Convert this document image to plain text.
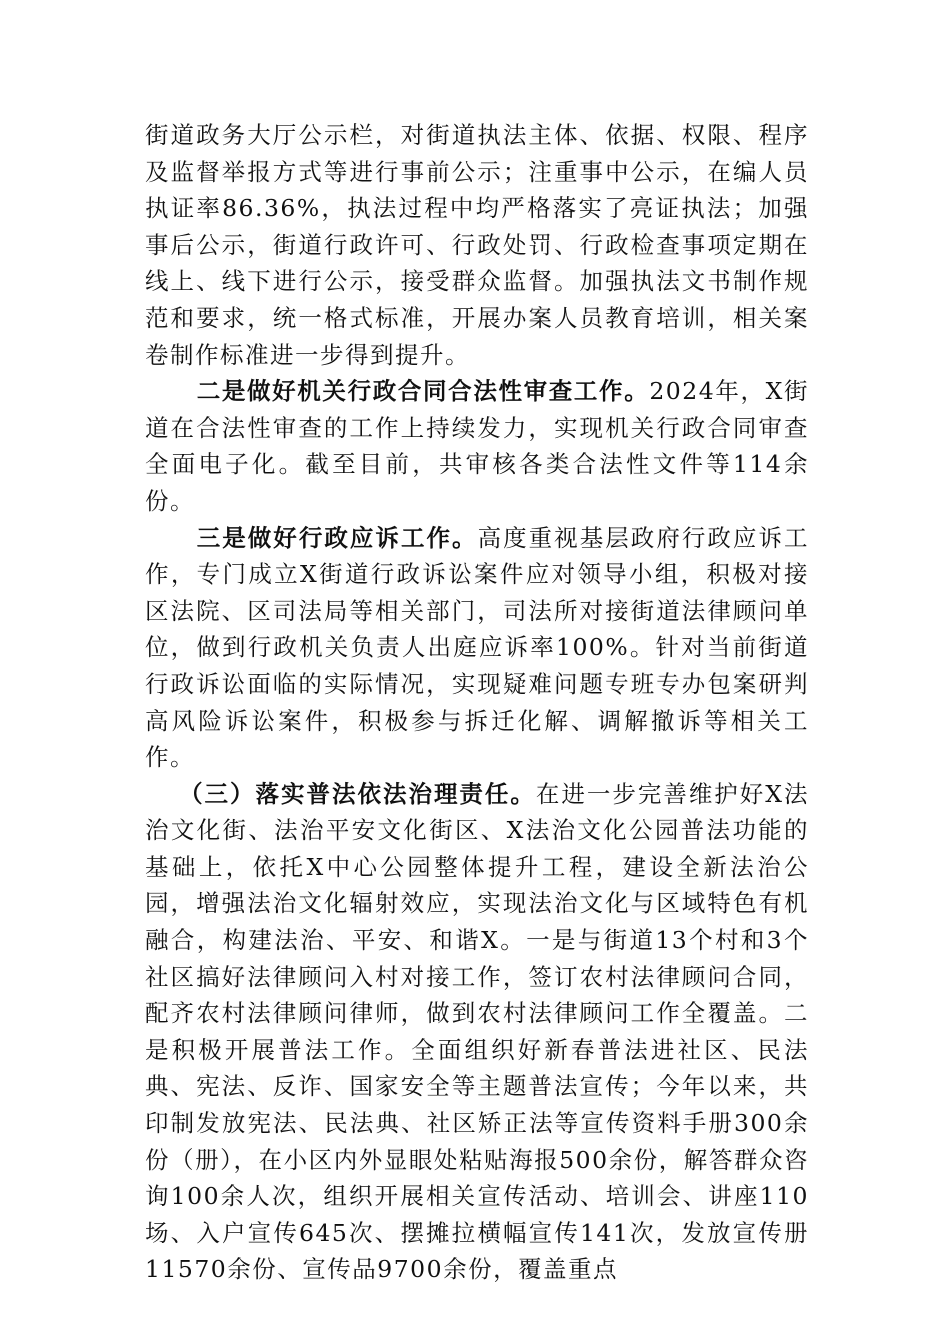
街道政务大厅公示栏，对街道执法主体、依据、权限、程序及监督举报方式等进行事前公示；注重事中公示，在编人员执证率86.36%，执法过程中均严格落实了亮证执法；加强事后公示，街道行政许可、行政处罚、行政检查事项定期在线上、线下进行公示，接受群众监督。加强执法文书制作规范和要求，统一格式标准，开展办案人员教育培训，相关案卷制作标准进一步得到提升。

二是做好机关行政合同合法性审查工作。2024年，X街道在合法性审查的工作上持续发力，实现机关行政合同审查全面电子化。截至目前，共审核各类合法性文件等114余份。

三是做好行政应诉工作。高度重视基层政府行政应诉工作，专门成立X街道行政诉讼案件应对领导小组，积极对接区法院、区司法局等相关部门，司法所对接街道法律顾问单位，做到行政机关负责人出庭应诉率100%。针对当前街道行政诉讼面临的实际情况，实现疑难问题专班专办包案研判高风险诉讼案件，积极参与拆迁化解、调解撤诉等相关工作。

（三）落实普法依法治理责任。在进一步完善维护好X法治文化街、法治平安文化街区、X法治文化公园普法功能的基础上，依托X中心公园整体提升工程，建设全新法治公园，增强法治文化辐射效应，实现法治文化与区域特色有机融合，构建法治、平安、和谐X。一是与街道13个村和3个社区搞好法律顾问入村对接工作，签订农村法律顾问合同，配齐农村法律顾问律师，做到农村法律顾问工作全覆盖。二是积极开展普法工作。全面组织好新春普法进社区、民法典、宪法、反诈、国家安全等主题普法宣传；今年以来，共印制发放宪法、民法典、社区矫正法等宣传资料手册300余份（册），在小区内外显眼处粘贴海报500余份，解答群众咨询100余人次，组织开展相关宣传活动、培训会、讲座110场、入户宣传645次、摆摊拉横幅宣传141次，发放宣传册11570余份、宣传品9700余份，覆盖重点
